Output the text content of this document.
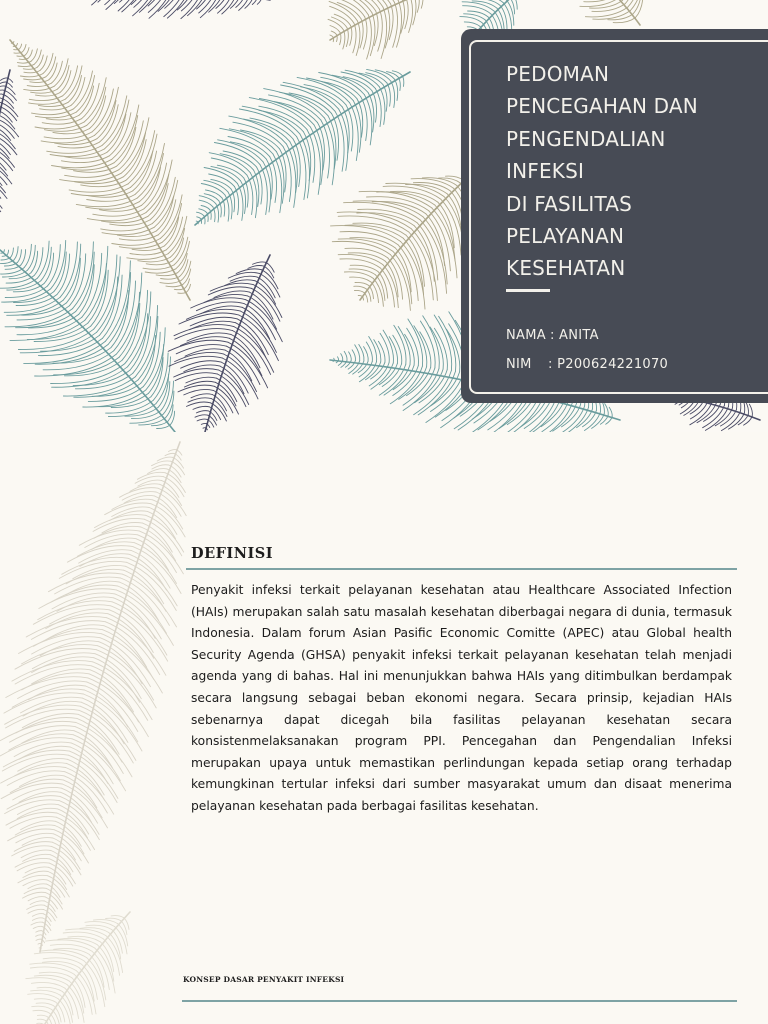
PEDOMAN
PENCEGAHAN DAN
PENGENDALIAN
INFEKSI
DI FASILITAS
PELAYANAN
KESEHATAN
NAMA : ANITA
NIM	: P200624221070
DEFINISI

Penyakit infeksi terkait pelayanan kesehatan atau Healthcare Associated Infection (HAIs) merupakan salah satu masalah kesehatan diberbagai negara di dunia, termasuk Indonesia. Dalam forum Asian Pasific Economic Comitte (APEC) atau Global health Security Agenda (GHSA) penyakit infeksi terkait pelayanan kesehatan telah menjadi agenda yang di bahas. Hal ini menunjukkan bahwa HAIs yang ditimbulkan berdampak secara langsung sebagai beban ekonomi negara. Secara prinsip, kejadian HAIs sebenarnya dapat dicegah bila fasilitas pelayanan kesehatan secara konsistenmelaksanakan program PPI. Pencegahan dan Pengendalian Infeksi merupakan upaya untuk memastikan perlindungan kepada setiap orang terhadap kemungkinan tertular infeksi dari sumber masyarakat umum dan disaat menerima pelayanan kesehatan pada berbagai fasilitas kesehatan.

KONSEP DASAR PENYAKIT INFEKSI
